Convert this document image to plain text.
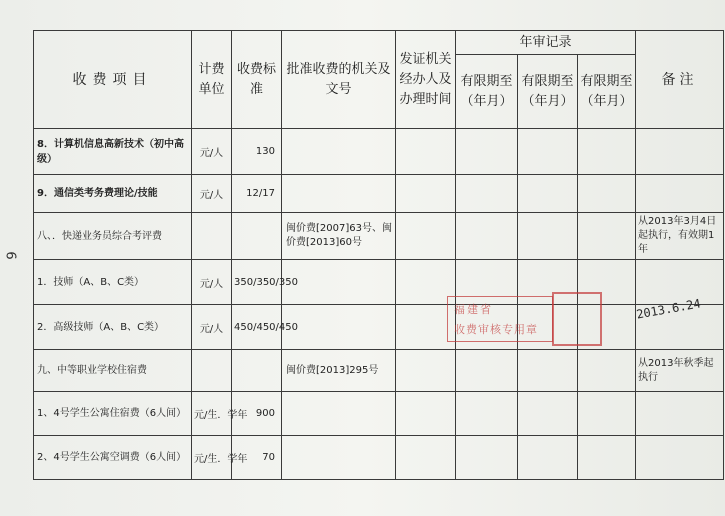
6
收费项目	计费单位	收费标准	批准收费的机关及文号	发证机关经办人及办理时间	年审记录			备注
					有限期至（年月）	有限期至（年月）	有限期至（年月）	
8．计算机信息高新技术（初中高级）	元/人	130						
9．通信类考务费理论/技能	元/人	12/17						
八、．快递业务员综合考评费			闽价费[2007]63号、闽价费[2013]60号					从2013年3月4日起执行，有效期1年
1．技师（A、B、C类）	元/人	350/350/350						
2．高级技师（A、B、C类）	元/人	450/450/450						
九、中等职业学校住宿费			闽价费[2013]295号					从2013年秋季起执行
1、4号学生公寓住宿费（6人间）	元/生．学年	900						
2、4号学生公寓空调费（6人间）	元/生．学年	70						
福建省
收费审核专用章
2013.6.24
